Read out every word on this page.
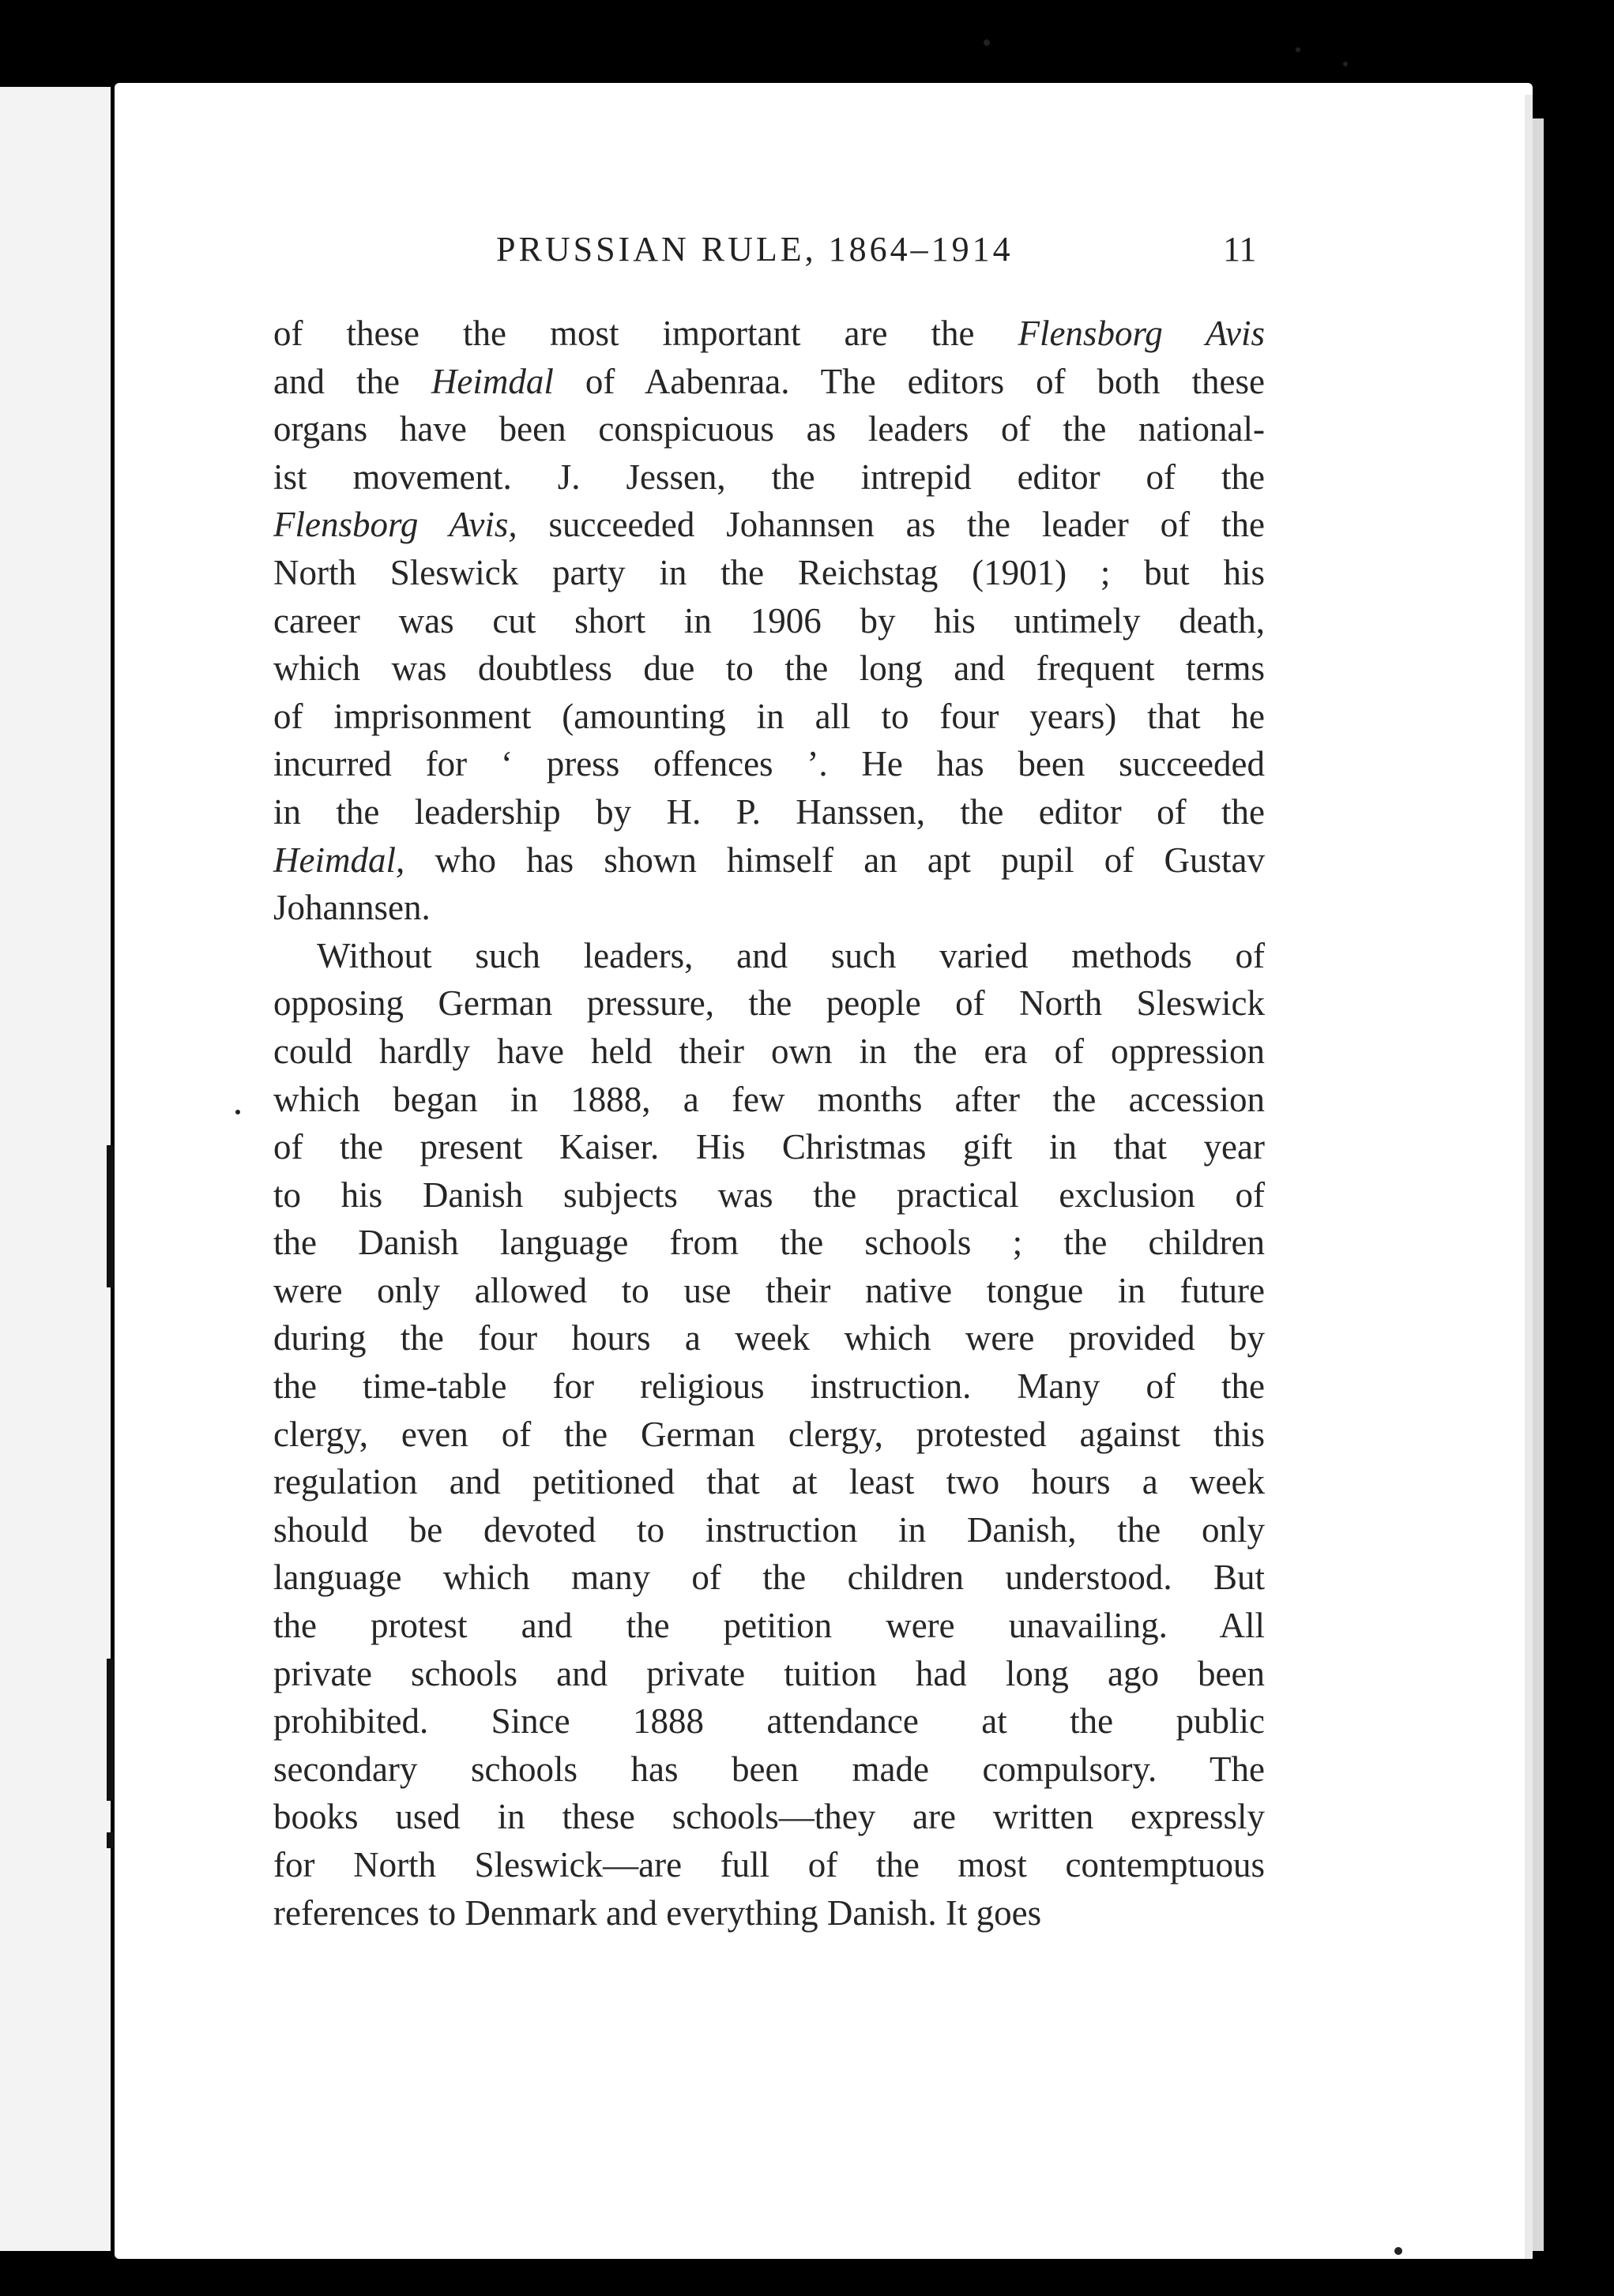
PRUSSIAN RULE, 1864–1914	11
of these the most important are the Flensborg Avis
and the Heimdal of Aabenraa. The editors of both these
organs have been conspicuous as leaders of the national-
ist movement. J. Jessen, the intrepid editor of the
Flensborg Avis, succeeded Johannsen as the leader of the
North Sleswick party in the Reichstag (1901) ; but his
career was cut short in 1906 by his untimely death,
which was doubtless due to the long and frequent terms
of imprisonment (amounting in all to four years) that he
incurred for ‘ press offences ’. He has been succeeded
in the leadership by H. P. Hanssen, the editor of the
Heimdal, who has shown himself an apt pupil of Gustav
Johannsen.
Without such leaders, and such varied methods of
opposing German pressure, the people of North Sleswick
could hardly have held their own in the era of oppression
which began in 1888, a few months after the accession
of the present Kaiser. His Christmas gift in that year
to his Danish subjects was the practical exclusion of
the Danish language from the schools ; the children
were only allowed to use their native tongue in future
during the four hours a week which were provided by
the time-table for religious instruction. Many of the
clergy, even of the German clergy, protested against this
regulation and petitioned that at least two hours a week
should be devoted to instruction in Danish, the only
language which many of the children understood. But
the protest and the petition were unavailing. All
private schools and private tuition had long ago been
prohibited. Since 1888 attendance at the public
secondary schools has been made compulsory. The
books used in these schools—they are written expressly
for North Sleswick—are full of the most contemptuous
references to Denmark and everything Danish. It goes
